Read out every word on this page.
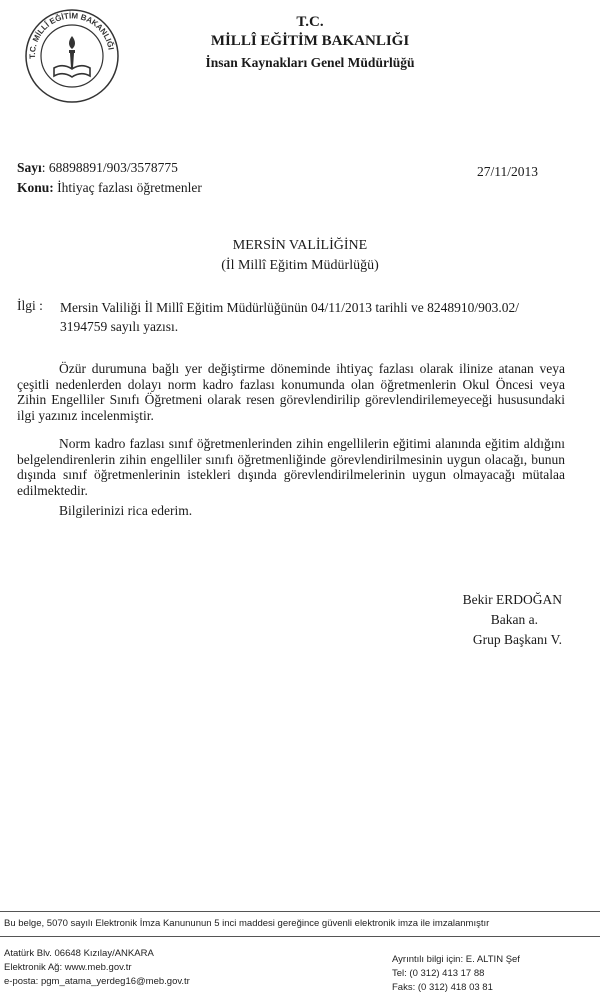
T.C. MİLLÎ EĞİTİM BAKANLIĞI
T.C.
MİLLÎ EĞİTİM BAKANLIĞI
İnsan Kaynakları Genel Müdürlüğü
Sayı: 68898891/903/3578775
Konu: İhtiyaç fazlası öğretmenler
27/11/2013
MERSİN VALİLİĞİNE
(İl Millî Eğitim Müdürlüğü)
İlgi : Mersin Valiliği İl Millî Eğitim Müdürlüğünün 04/11/2013 tarihli ve 8248910/903.02/ 3194759 sayılı yazısı.
Özür durumuna bağlı yer değiştirme döneminde ihtiyaç fazlası olarak ilinize atanan veya çeşitli nedenlerden dolayı norm kadro fazlası konumunda olan öğretmenlerin Okul Öncesi veya Zihin Engelliler Sınıfı Öğretmeni olarak resen görevlendirilip görevlendirilemeyeceği hususundaki ilgi yazınız incelenmiştir.
Norm kadro fazlası sınıf öğretmenlerinden zihin engellilerin eğitimi alanında eğitim aldığını belgelendirenlerin zihin engelliler sınıfı öğretmenliğinde görevlendirilmesinin uygun olacağı, bunun dışında sınıf öğretmenlerinin istekleri dışında görevlendirilmelerinin uygun olmayacağı mütalaa edilmektedir.
Bilgilerinizi rica ederim.
Bekir ERDOĞAN
Bakan a.
Grup Başkanı V.
Bu belge, 5070 sayılı Elektronik İmza Kanununun 5 inci maddesi gereğince güvenli elektronik imza ile imzalanmıştır
Atatürk Blv. 06648 Kızılay/ANKARA
Elektronik Ağ: www.meb.gov.tr
e-posta: pgm_atama_yerdeg16@meb.gov.tr
Ayrıntılı bilgi için: E. ALTIN Şef
Tel: (0 312) 413 17 88
Faks: (0 312) 418 03 81
